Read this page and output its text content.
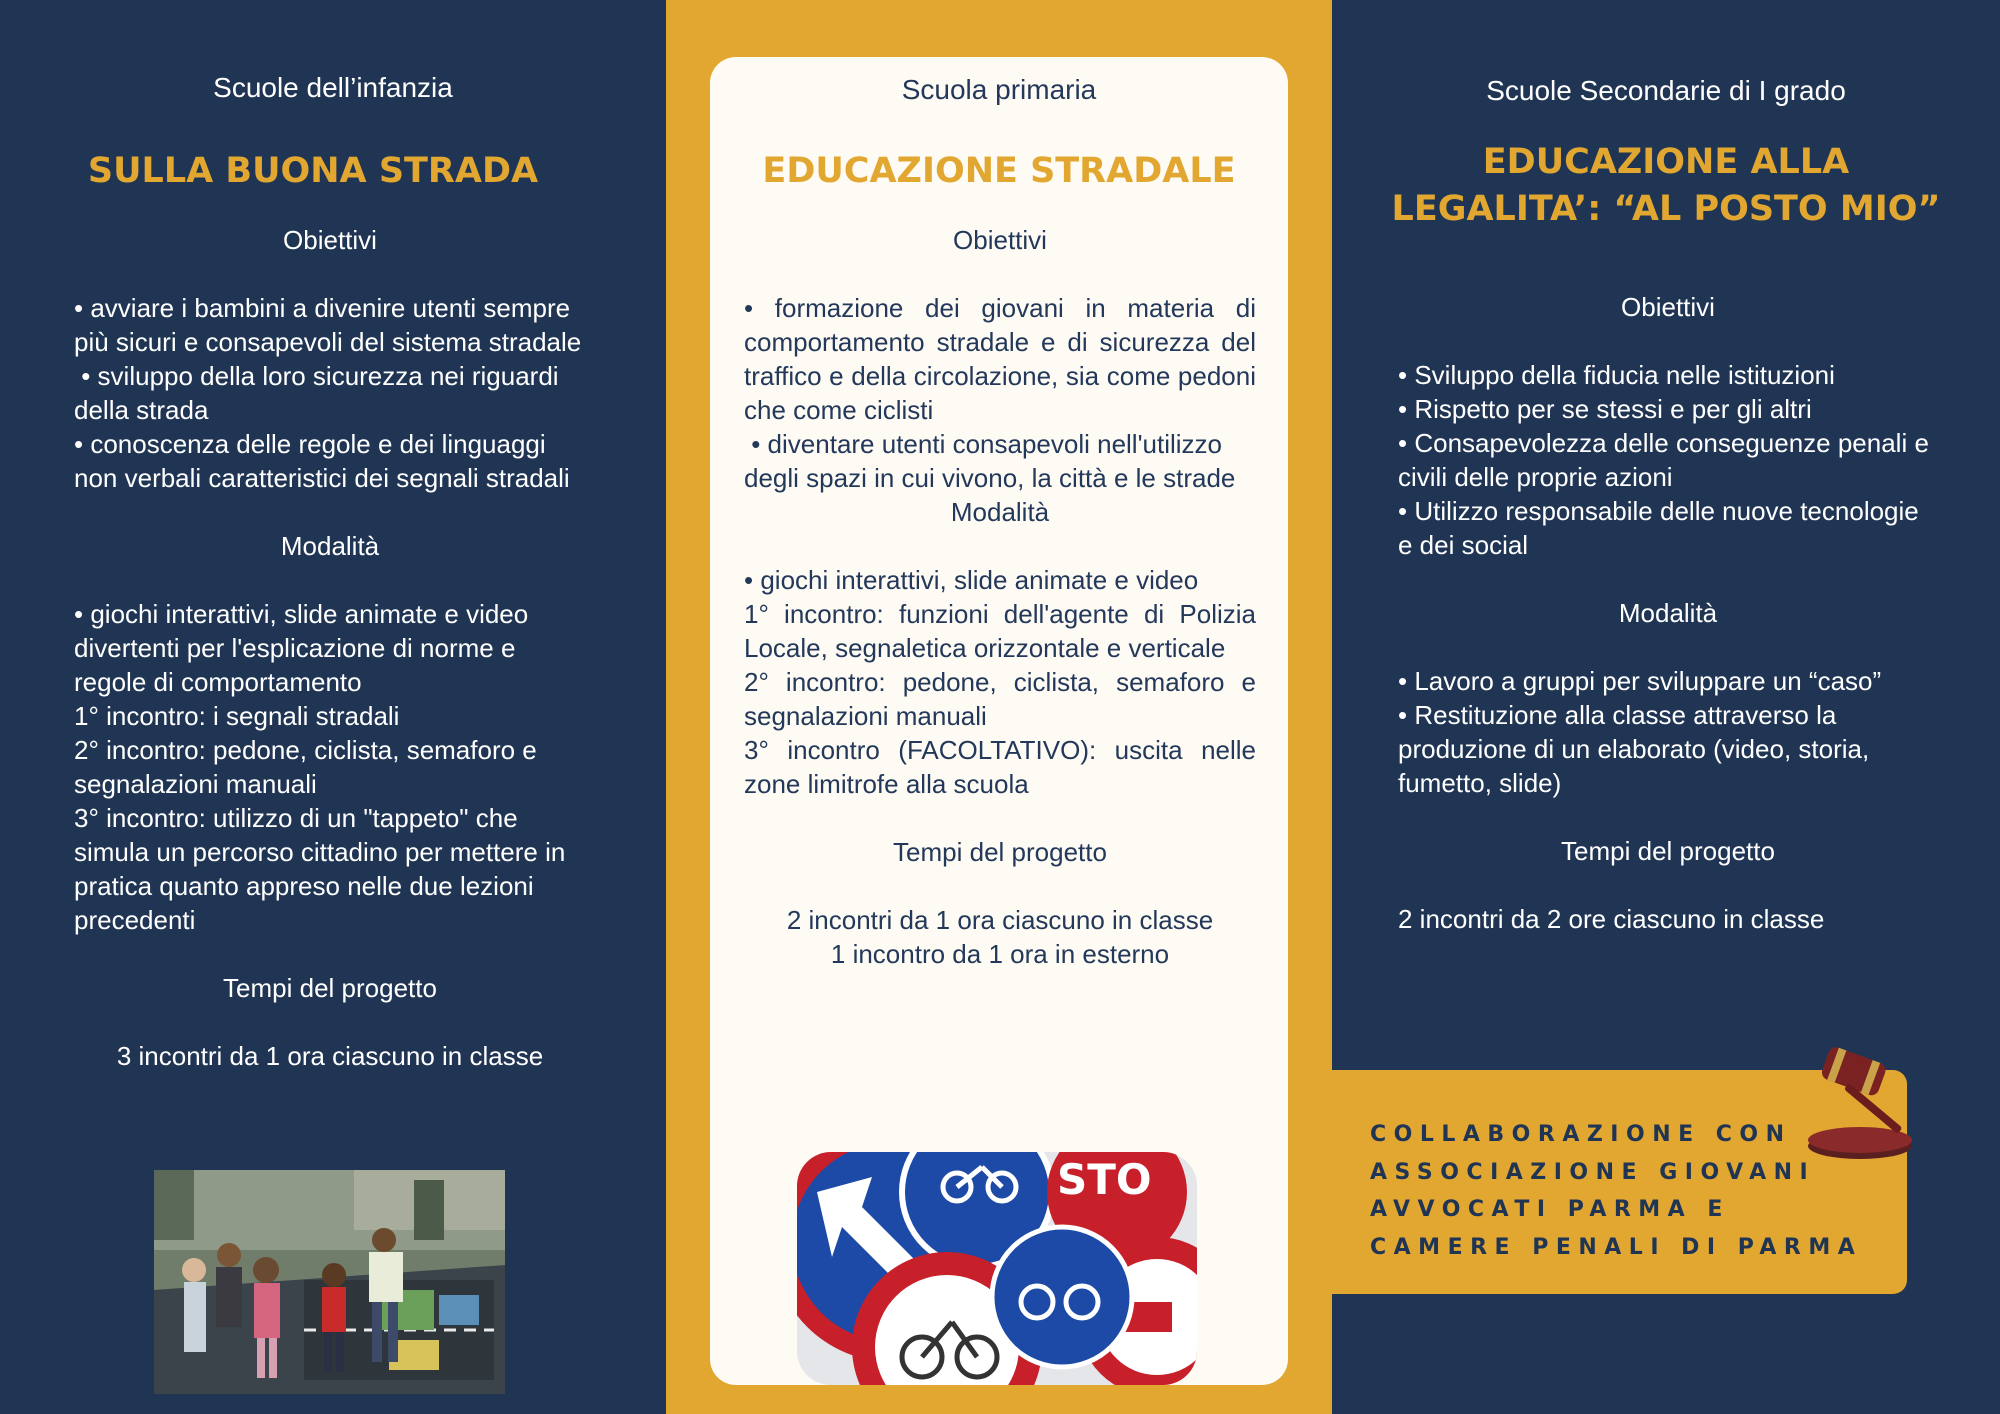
Scuole dell’infanzia
SULLA BUONA STRADA

Obiettivi

• avviare i bambini a divenire utenti sempre più sicuri e consapevoli del sistema stradale

• sviluppo della loro sicurezza nei riguardi della strada

• conoscenza delle regole e dei linguaggi non verbali caratteristici dei segnali stradali

Modalità

• giochi interattivi, slide animate e video divertenti per l'esplicazione di norme e regole di comportamento

1° incontro: i segnali stradali

2° incontro: pedone, ciclista, semaforo e segnalazioni manuali

3° incontro: utilizzo di un "tappeto" che simula un percorso cittadino per mettere in pratica quanto appreso nelle due lezioni precedenti

Tempi del progetto

3 incontri da 1 ora ciascuno in classe

Scuola primaria
EDUCAZIONE STRADALE

Obiettivi

• formazione dei giovani in materia di comportamento stradale e di sicurezza del traffico e della circolazione, sia come pedoni che come ciclisti

• diventare utenti consapevoli nell'utilizzo degli spazi in cui vivono, la città e le strade

Modalità

• giochi interattivi, slide animate e video

1° incontro: funzioni dell'agente di Polizia Locale, segnaletica orizzontale e verticale

2° incontro: pedone, ciclista, semaforo e segnalazioni manuali

3° incontro (FACOLTATIVO): uscita nelle zone limitrofe alla scuola

Tempi del progetto

2 incontri da 1 ora ciascuno in classe

1 incontro da 1 ora in esterno

STO
Scuole Secondarie di I grado
EDUCAZIONE ALLA
LEGALITA’: “AL POSTO MIO”

Obiettivi

• Sviluppo della fiducia nelle istituzioni

• Rispetto per se stessi e per gli altri

• Consapevolezza delle conseguenze penali e     civili delle proprie azioni

• Utilizzo responsabile delle nuove tecnologie e dei social

Modalità

• Lavoro a gruppi per sviluppare un “caso”

• Restituzione alla classe attraverso la produzione di un elaborato (video, storia, fumetto, slide)

Tempi del progetto

2 incontri da 2 ore ciascuno in classe

COLLABORAZIONE CON
ASSOCIAZIONE GIOVANI
AVVOCATI PARMA E
CAMERE PENALI DI PARMA
